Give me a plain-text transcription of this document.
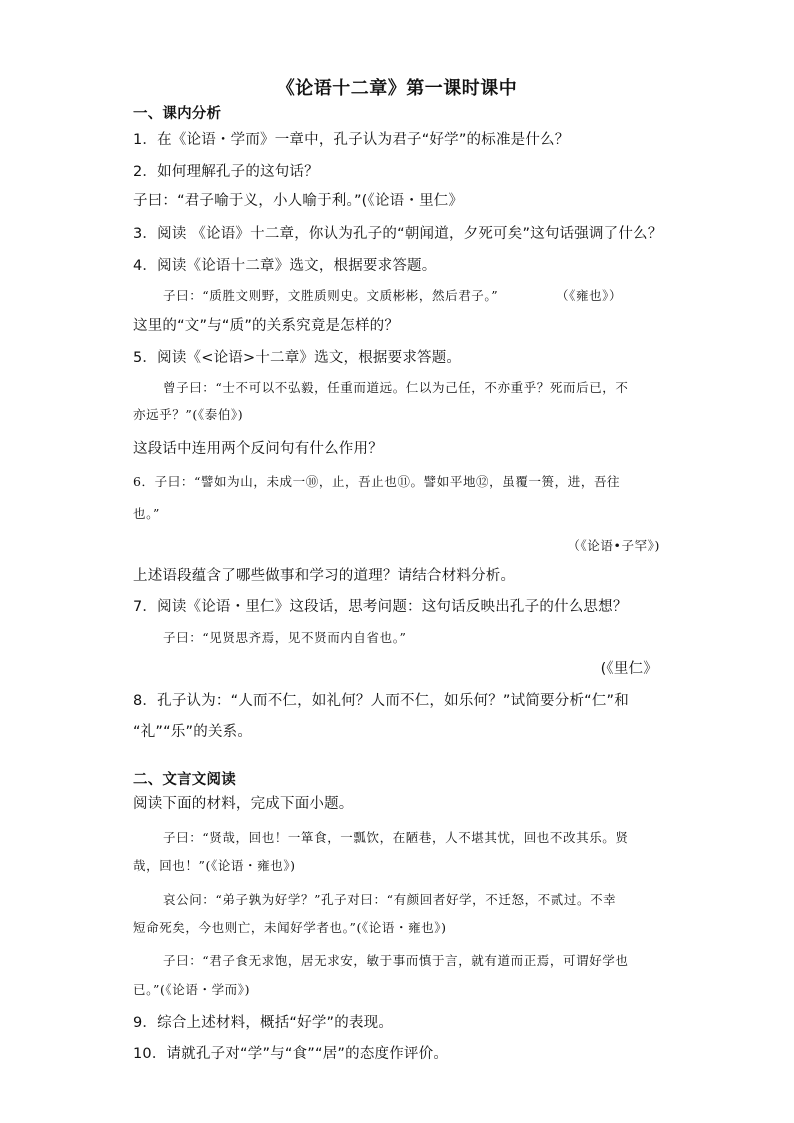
《论语十二章》第一课时课中
一、课内分析
1．在《论语・学而》一章中，孔子认为君子“好学”的标准是什么？
2．如何理解孔子的这句话？
子曰：“君子喻于义，小人喻于利。”(《论语・里仁》
3．阅读 《论语》十二章，你认为孔子的“朝闻道，夕死可矣”这句话强调了什么？
4．阅读《论语十二章》选文，根据要求答题。
子曰：“质胜文则野，文胜质则史。文质彬彬，然后君子。”	（《雍也》）
这里的“文”与“质”的关系究竟是怎样的？
5．阅读《<论语>十二章》选文，根据要求答题。
曾子曰：“士不可以不弘毅，任重而道远。仁以为己任，不亦重乎？死而后已，不
亦远乎？”(《泰伯》)
这段话中连用两个反问句有什么作用？
6．子曰：“譬如为山，未成一⑩，止，吾止也⑪。譬如平地⑫，虽覆一篑，进，吾往
也。”
（《论语•子罕》)
上述语段蕴含了哪些做事和学习的道理？请结合材料分析。
7．阅读《论语・里仁》这段话，思考问题：这句话反映出孔子的什么思想？
子曰：“见贤思齐焉，见不贤而内自省也。”
(《里仁》
8．孔子认为：“人而不仁，如礼何？人而不仁，如乐何？”试简要分析“仁”和
“礼”“乐”的关系。
二、文言文阅读
阅读下面的材料，完成下面小题。
子曰：“贤哉，回也！一箪食，一瓢饮，在陋巷，人不堪其忧，回也不改其乐。贤
哉，回也！”(《论语・雍也》)
哀公问：“弟子孰为好学？”孔子对曰：“有颜回者好学，不迁怒，不贰过。不幸
短命死矣，今也则亡，未闻好学者也。”(《论语・雍也》)
子曰：“君子食无求饱，居无求安，敏于事而慎于言，就有道而正焉，可谓好学也
已。”(《论语・学而》)
9．综合上述材料，概括“好学”的表现。
10．请就孔子对“学”与“食”“居”的态度作评价。
